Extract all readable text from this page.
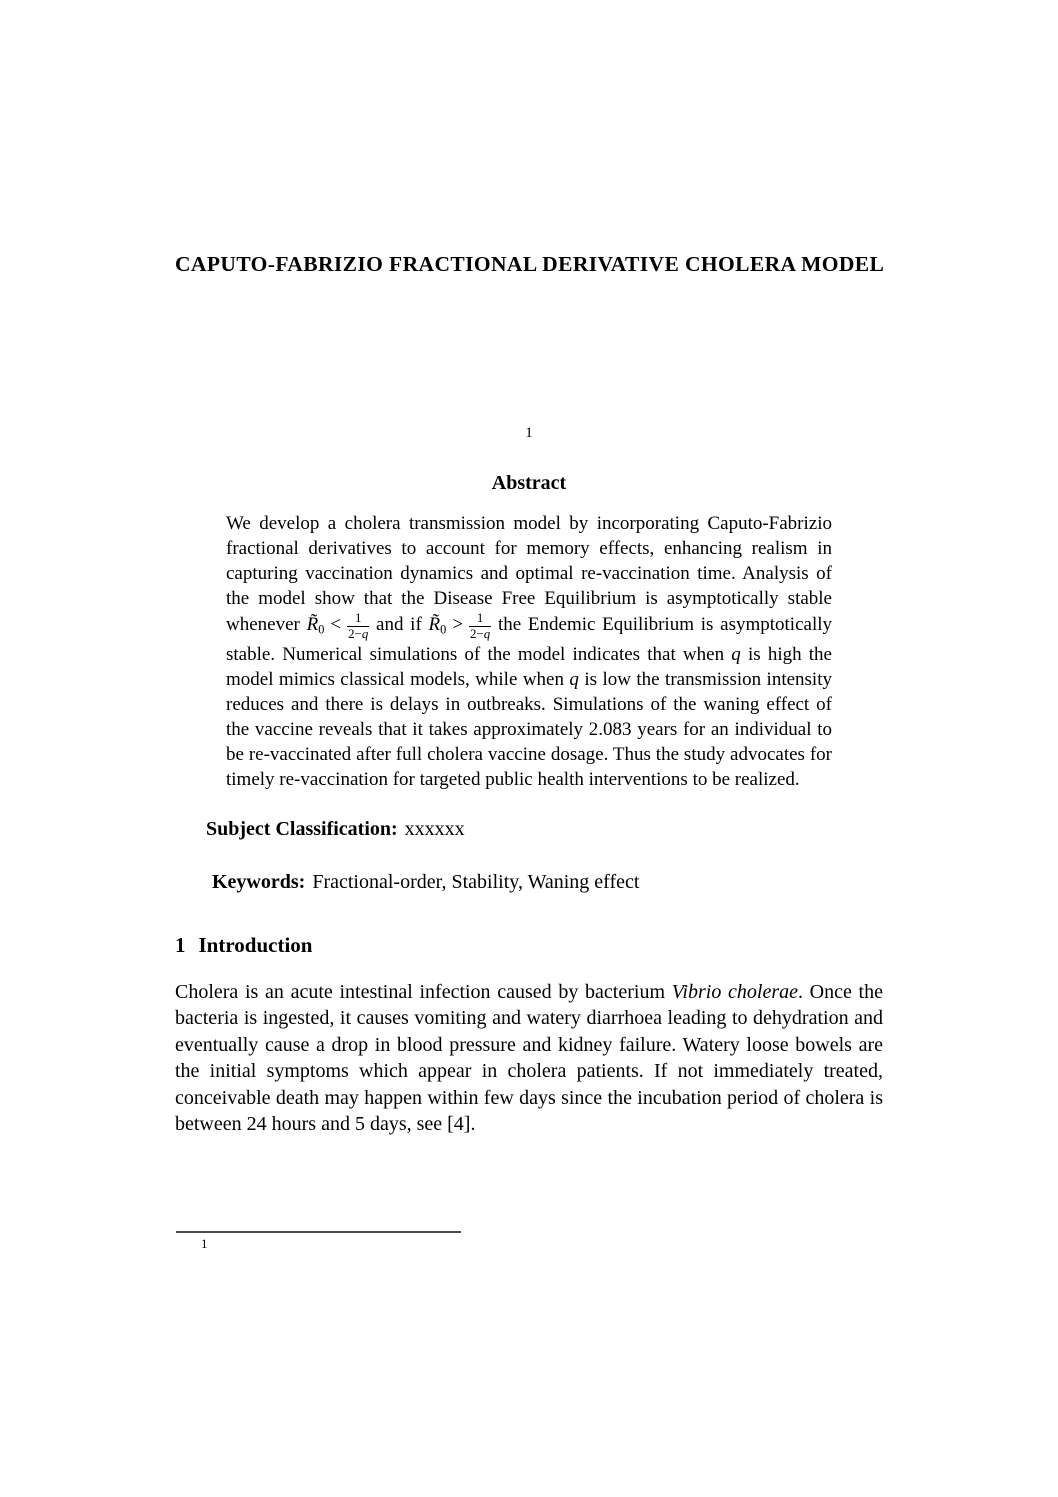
CAPUTO-FABRIZIO FRACTIONAL DERIVATIVE CHOLERA MODEL
1
Abstract

We develop a cholera transmission model by incorporating Caputo-Fabrizio fractional derivatives to account for memory effects, enhancing realism in capturing vaccination dynamics and optimal re-vaccination time. Analysis of the model show that the Disease Free Equilibrium is asymptotically stable whenever $R̃_0 < \frac{1}{2-q}$ and if $R̃_0 > \frac{1}{2-q}$ the Endemic Equilibrium is asymptotically stable. Numerical simulations of the model indicates that when q is high the model mimics classical models, while when q is low the transmission intensity reduces and there is delays in outbreaks. Simulations of the waning effect of the vaccine reveals that it takes approximately 2.083 years for an individual to be re-vaccinated after full cholera vaccine dosage. Thus the study advocates for timely re-vaccination for targeted public health interventions to be realized.

Subject Classification: xxxxxx
Keywords: Fractional-order, Stability, Waning effect
1 Introduction

Cholera is an acute intestinal infection caused by bacterium Vibrio cholerae. Once the bacteria is ingested, it causes vomiting and watery diarrhoea leading to dehydration and eventually cause a drop in blood pressure and kidney failure. Watery loose bowels are the initial symptoms which appear in cholera patients. If not immediately treated, conceivable death may happen within few days since the incubation period of cholera is between 24 hours and 5 days, see [4].

1
